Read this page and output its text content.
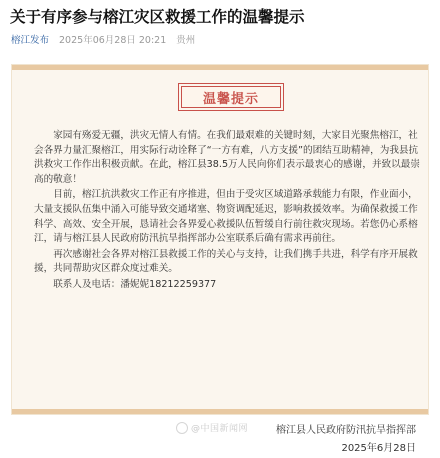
关于有序参与榕江灾区救援工作的温馨提示
榕江发布 2025年06月28日 20:21 贵州
温馨提示

家园有殇爱无疆，洪灾无情人有情。在我们最艰难的关键时刻，大家目光聚焦榕江，社会各界力量汇聚榕江，用实际行动诠释了“一方有难，八方支援”的团结互助精神，为我县抗洪救灾工作作出积极贡献。在此，榕江县38.5万人民向你们表示最衷心的感谢，并致以最崇高的敬意！

目前，榕江抗洪救灾工作正有序推进，但由于受灾区域道路承载能力有限，作业面小，大量支援队伍集中涌入可能导致交通堵塞、物资调配延迟，影响救援效率。为确保救援工作科学、高效、安全开展，恳请社会各界爱心救援队伍暂缓自行前往救灾现场。若您仍心系榕江，请与榕江县人民政府防汛抗旱指挥部办公室联系后确有需求再前往。

再次感谢社会各界对榕江县救援工作的关心与支持，让我们携手共进，科学有序开展救援，共同帮助灾区群众度过难关。

联系人及电话：潘妮妮18212259377

榕江县人民政府防汛抗旱指挥部
2025年6月28日
@中国新闻网
